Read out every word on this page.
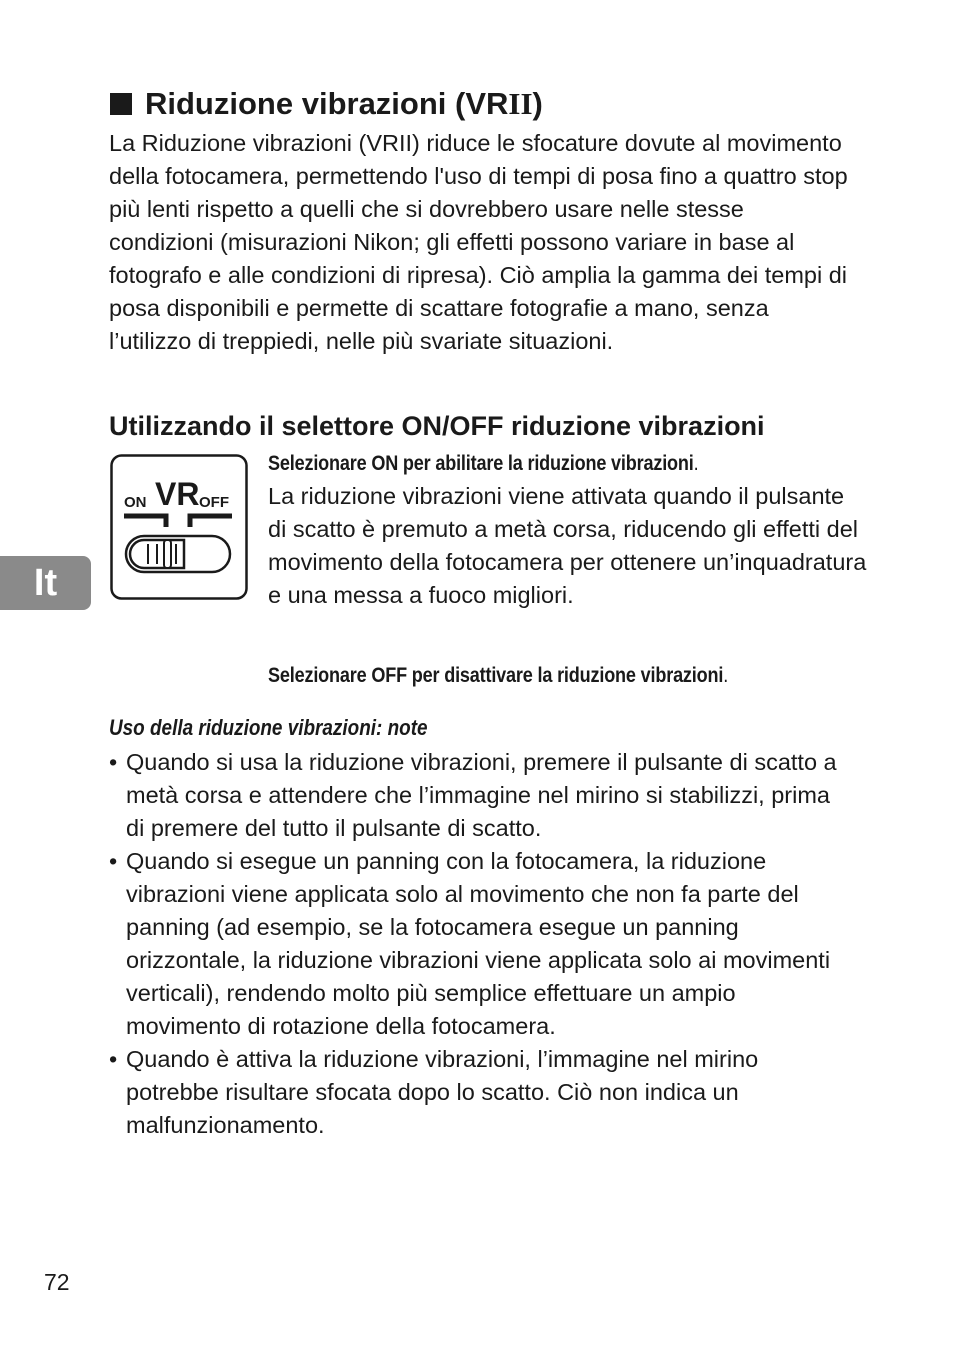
Riduzione vibrazioni (VR II )
La Riduzione vibrazioni (VRII) riduce le sfocature dovute al movimento della fotocamera, permettendo l'uso di tempi di posa fino a quattro stop più lenti rispetto a quelli che si dovrebbero usare nelle stesse condizioni (misurazioni Nikon; gli effetti possono variare in base al fotografo e alle condizioni di ripresa). Ciò amplia la gamma dei tempi di posa disponibili e permette di scattare fotografie a mano, senza l’utilizzo di treppiedi, nelle più svariate situazioni.
Utilizzando il selettore ON/OFF riduzione vibrazioni
ON VR OFF
Selezionare ON per abilitare la riduzione vibrazioni.
La riduzione vibrazioni viene attivata quando il pulsante di scatto è premuto a metà corsa, riducendo gli effetti del movimento della fotocamera per ottenere un’inquadratura e una messa a fuoco migliori.
Selezionare OFF per disattivare la riduzione vibrazioni.
Uso della riduzione vibrazioni: note
• Quando si usa la riduzione vibrazioni, premere il pulsante di scatto a metà corsa e attendere che l’immagine nel mirino si stabilizzi, prima di premere del tutto il pulsante di scatto.
• Quando si esegue un panning con la fotocamera, la riduzione vibrazioni viene applicata solo al movimento che non fa parte del panning (ad esempio, se la fotocamera esegue un panning orizzontale, la riduzione vibrazioni viene applicata solo ai movimenti verticali), rendendo molto più semplice effettuare un ampio movimento di rotazione della fotocamera.
• Quando è attiva la riduzione vibrazioni, l’immagine nel mirino potrebbe risultare sfocata dopo lo scatto. Ciò non indica un malfunzionamento.
It
72
